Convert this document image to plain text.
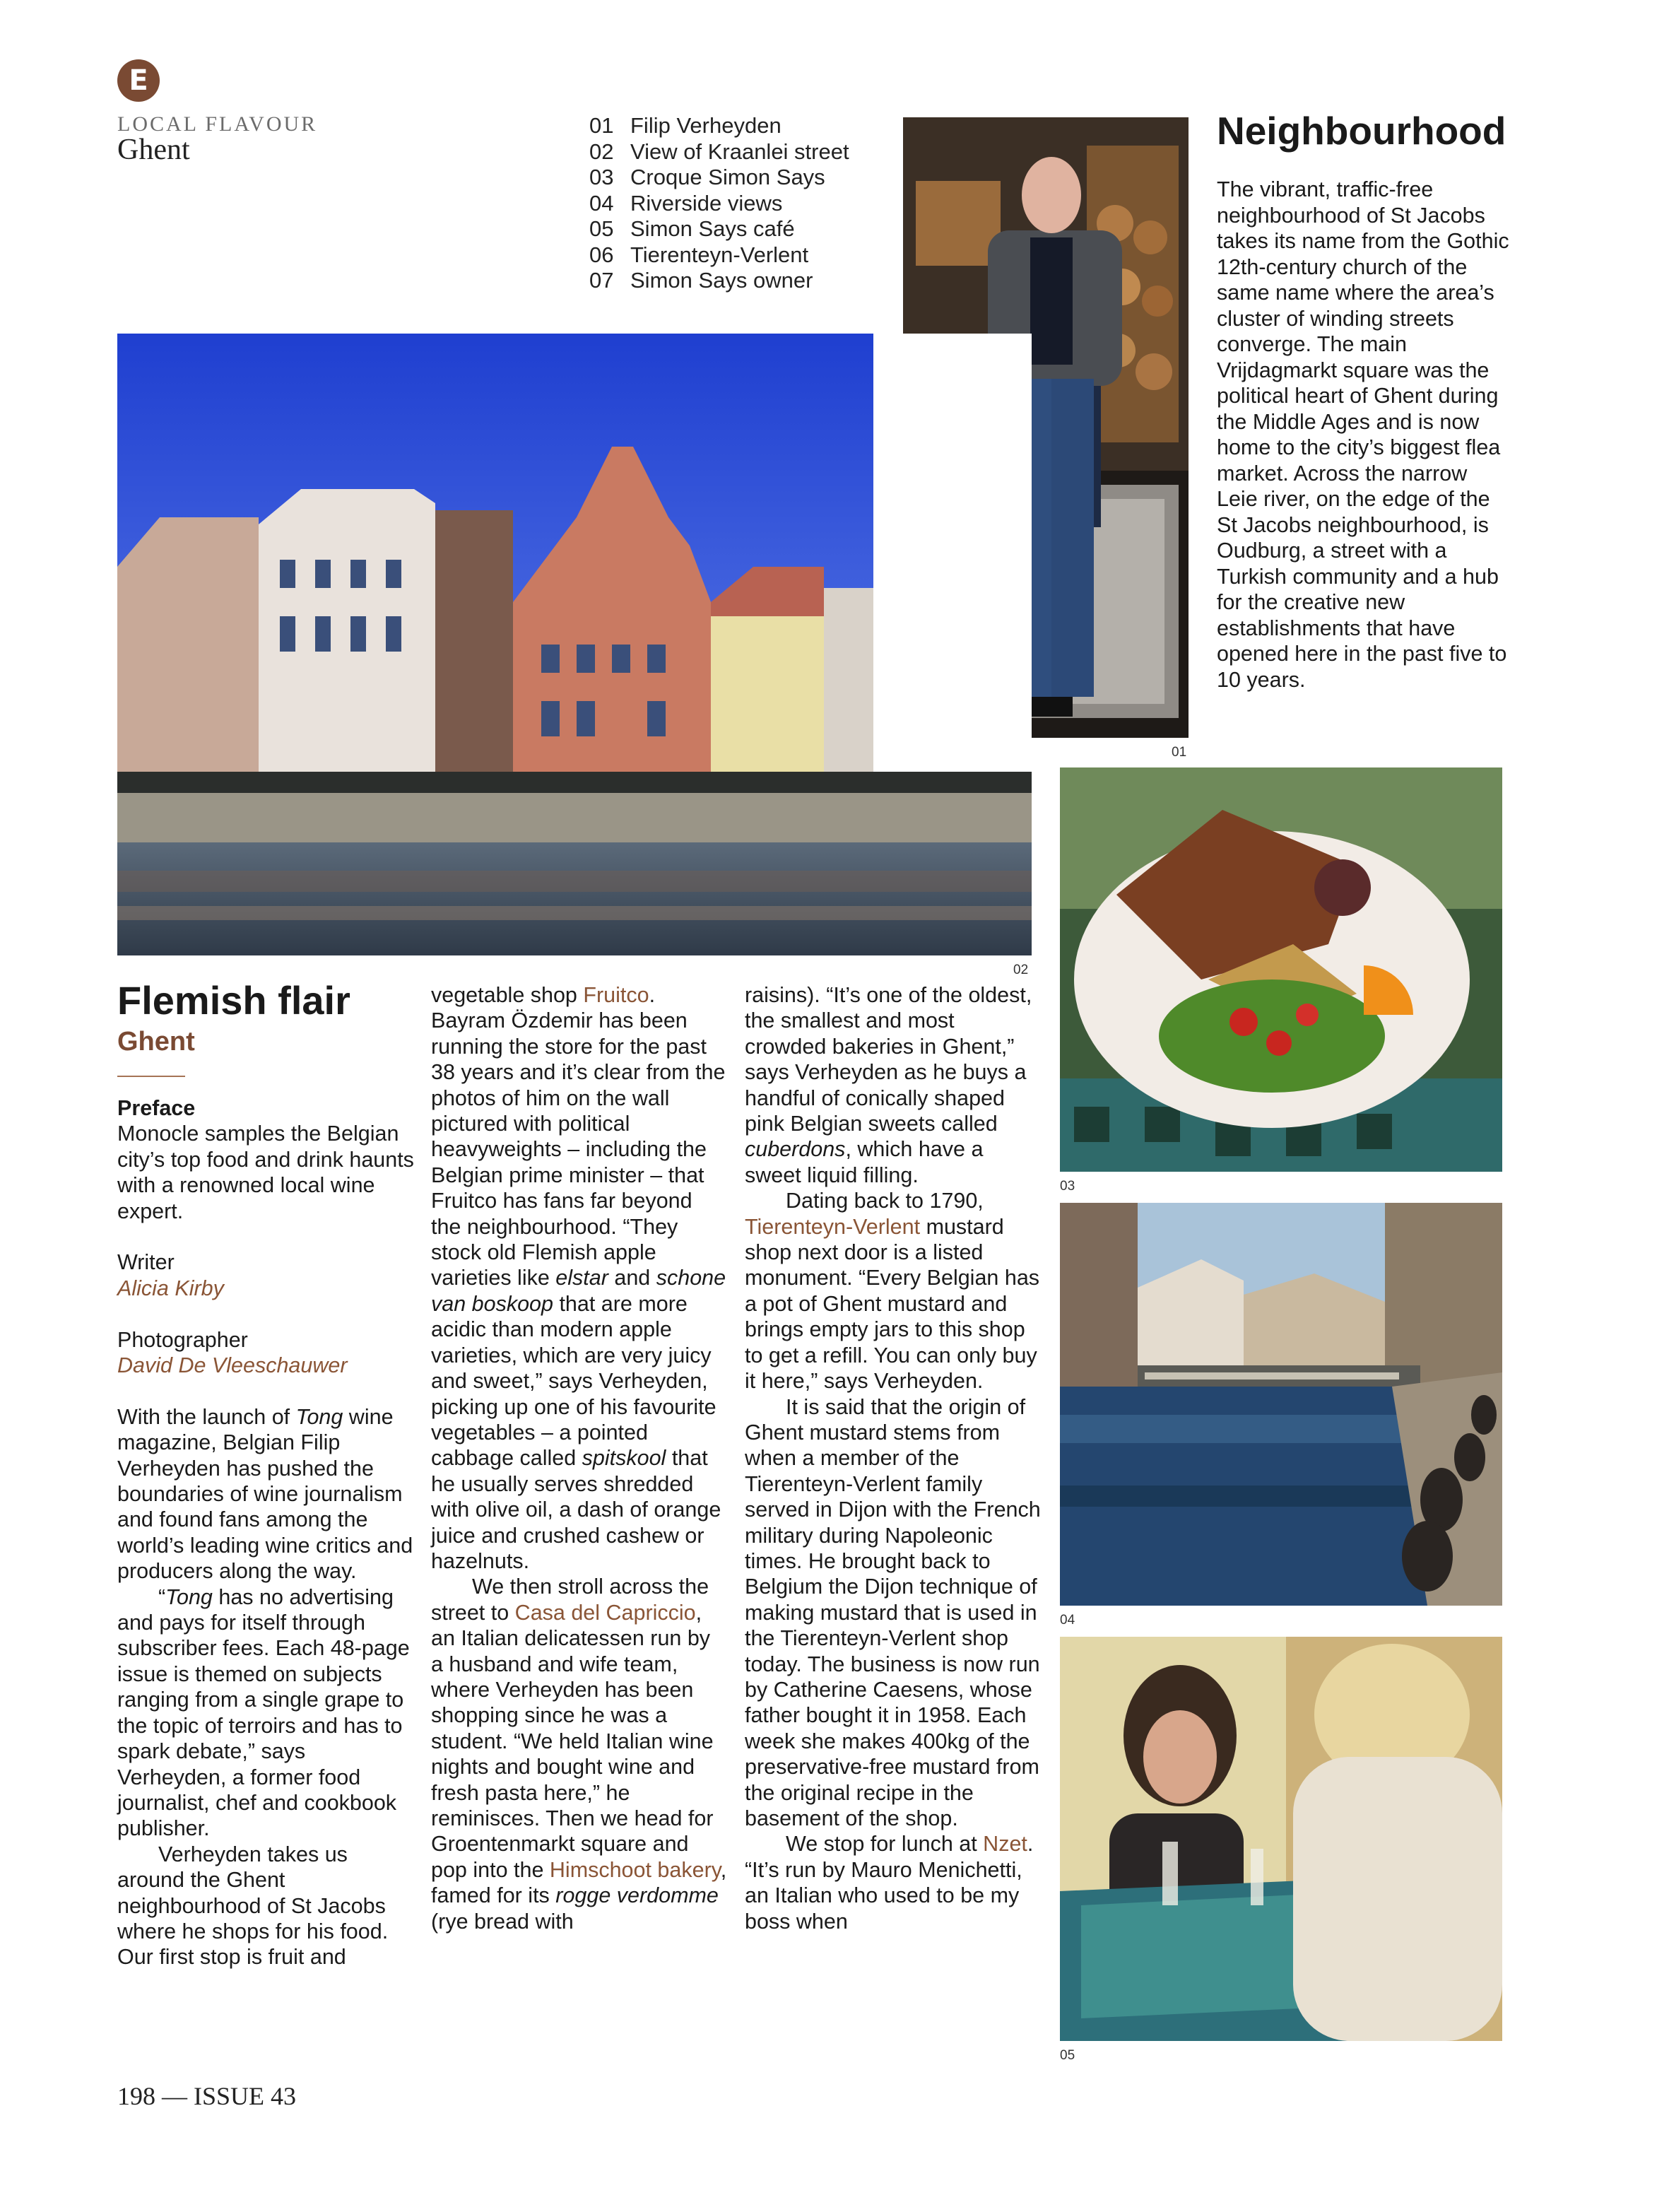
E
LOCAL FLAVOUR
Ghent
01 Filip Verheyden
02 View of Kraanlei street
03 Croque Simon Says
04 Riverside views
05 Simon Says café
06 Tierenteyn-Verlent
07 Simon Says owner
01
Neighbourhood
The vibrant, traffic-free neighbourhood of St Jacobs takes its name from the Gothic 12th-century church of the same name where the area’s cluster of winding streets converge. The main Vrijdagmarkt square was the political heart of Ghent during the Middle Ages and is now home to the city’s biggest flea market. Across the narrow Leie river, on the edge of the St Jacobs neighbourhood, is Oudburg, a street with a Turkish community and a hub for the creative new establishments that have opened here in the past five to 10 years.
02
03
04
05
Flemish flair
Ghent

Preface

Monocle samples the Belgian city’s top food and drink haunts with a renowned local wine expert.

Writer

Alicia Kirby

Photographer

David De Vleeschauwer

With the launch of Tong wine magazine, Belgian Filip Verheyden has pushed the boundaries of wine journalism and found fans among the world’s leading wine critics and producers along the way.

“Tong has no advertising and pays for itself through subscriber fees. Each 48-page issue is themed on subjects ranging from a single grape to the topic of terroirs and has to spark debate,” says Verheyden, a former food journalist, chef and cookbook publisher.

Verheyden takes us around the Ghent neighbourhood of St Jacobs where he shops for his food. Our first stop is fruit and

vegetable shop Fruitco. Bayram Özdemir has been running the store for the past 38 years and it’s clear from the photos of him on the wall pictured with political heavyweights – including the Belgian prime minister – that Fruitco has fans far beyond the neighbourhood. “They stock old Flemish apple varieties like elstar and schone van boskoop that are more acidic than modern apple varieties, which are very juicy and sweet,” says Verheyden, picking up one of his favourite vegetables – a pointed cabbage called spitskool that he usually serves shredded with olive oil, a dash of orange juice and crushed cashew or hazelnuts.

We then stroll across the street to Casa del Capriccio, an Italian delicatessen run by a husband and wife team, where Verheyden has been shopping since he was a student. “We held Italian wine nights and bought wine and fresh pasta here,” he reminisces. Then we head for Groentenmarkt square and pop into the Himschoot bakery, famed for its rogge verdomme (rye bread with

raisins). “It’s one of the oldest, the smallest and most crowded bakeries in Ghent,” says Verheyden as he buys a handful of conically shaped pink Belgian sweets called cuberdons, which have a sweet liquid filling.

Dating back to 1790, Tierenteyn-Verlent mustard shop next door is a listed monument. “Every Belgian has a pot of Ghent mustard and brings empty jars to this shop to get a refill. You can only buy it here,” says Verheyden.

It is said that the origin of Ghent mustard stems from when a member of the Tierenteyn-Verlent family served in Dijon with the French military during Napoleonic times. He brought back to Belgium the Dijon technique of making mustard that is used in the Tierenteyn-Verlent shop today. The business is now run by Catherine Caesens, whose father bought it in 1958. Each week she makes 400kg of the preservative-free mustard from the original recipe in the basement of the shop.

We stop for lunch at Nzet. “It’s run by Mauro Menichetti, an Italian who used to be my boss when

198 — ISSUE 43
